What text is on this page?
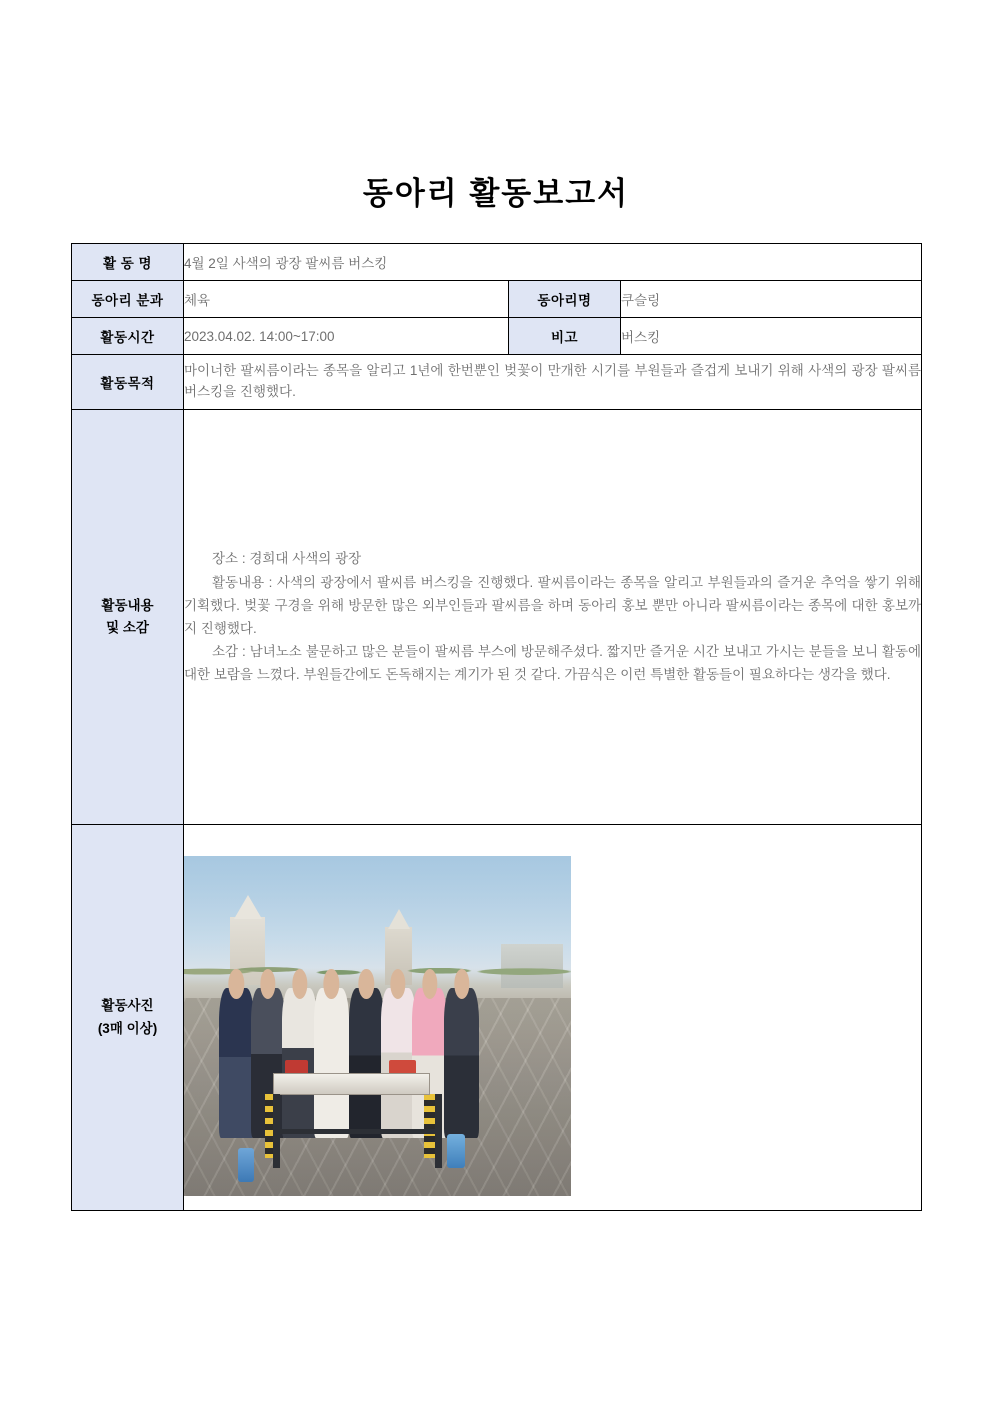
동아리 활동보고서
활 동 명	4월 2일 사색의 광장 팔씨름 버스킹		
동아리 분과	체육	동아리명	쿠슬링
활동시간	2023.04.02. 14:00~17:00	비고	버스킹
활동목적	마이너한 팔씨름이라는 종목을 알리고 1년에 한번뿐인 벚꽃이 만개한 시기를 부원들과 즐겁게 보내기 위해 사색의 광장 팔씨름 버스킹을 진행했다.		
활동내용
및 소감	

장소 : 경희대 사색의 광장

활동내용 : 사색의 광장에서 팔씨름 버스킹을 진행했다. 팔씨름이라는 종목을 알리고 부원들과의 즐거운 추억을 쌓기 위해 기획했다. 벚꽃 구경을 위해 방문한 많은 외부인들과 팔씨름을 하며 동아리 홍보 뿐만 아니라 팔씨름이라는 종목에 대한 홍보까지 진행했다.

소감 : 남녀노소 불문하고 많은 분들이 팔씨름 부스에 방문해주셨다. 짧지만 즐거운 시간 보내고 가시는 분들을 보니 활동에 대한 보람을 느꼈다. 부원들간에도 돈독해지는 계기가 된 것 같다. 가끔식은 이런 특별한 활동들이 필요하다는 생각을 했다.

활동사진
(3매 이상)			
